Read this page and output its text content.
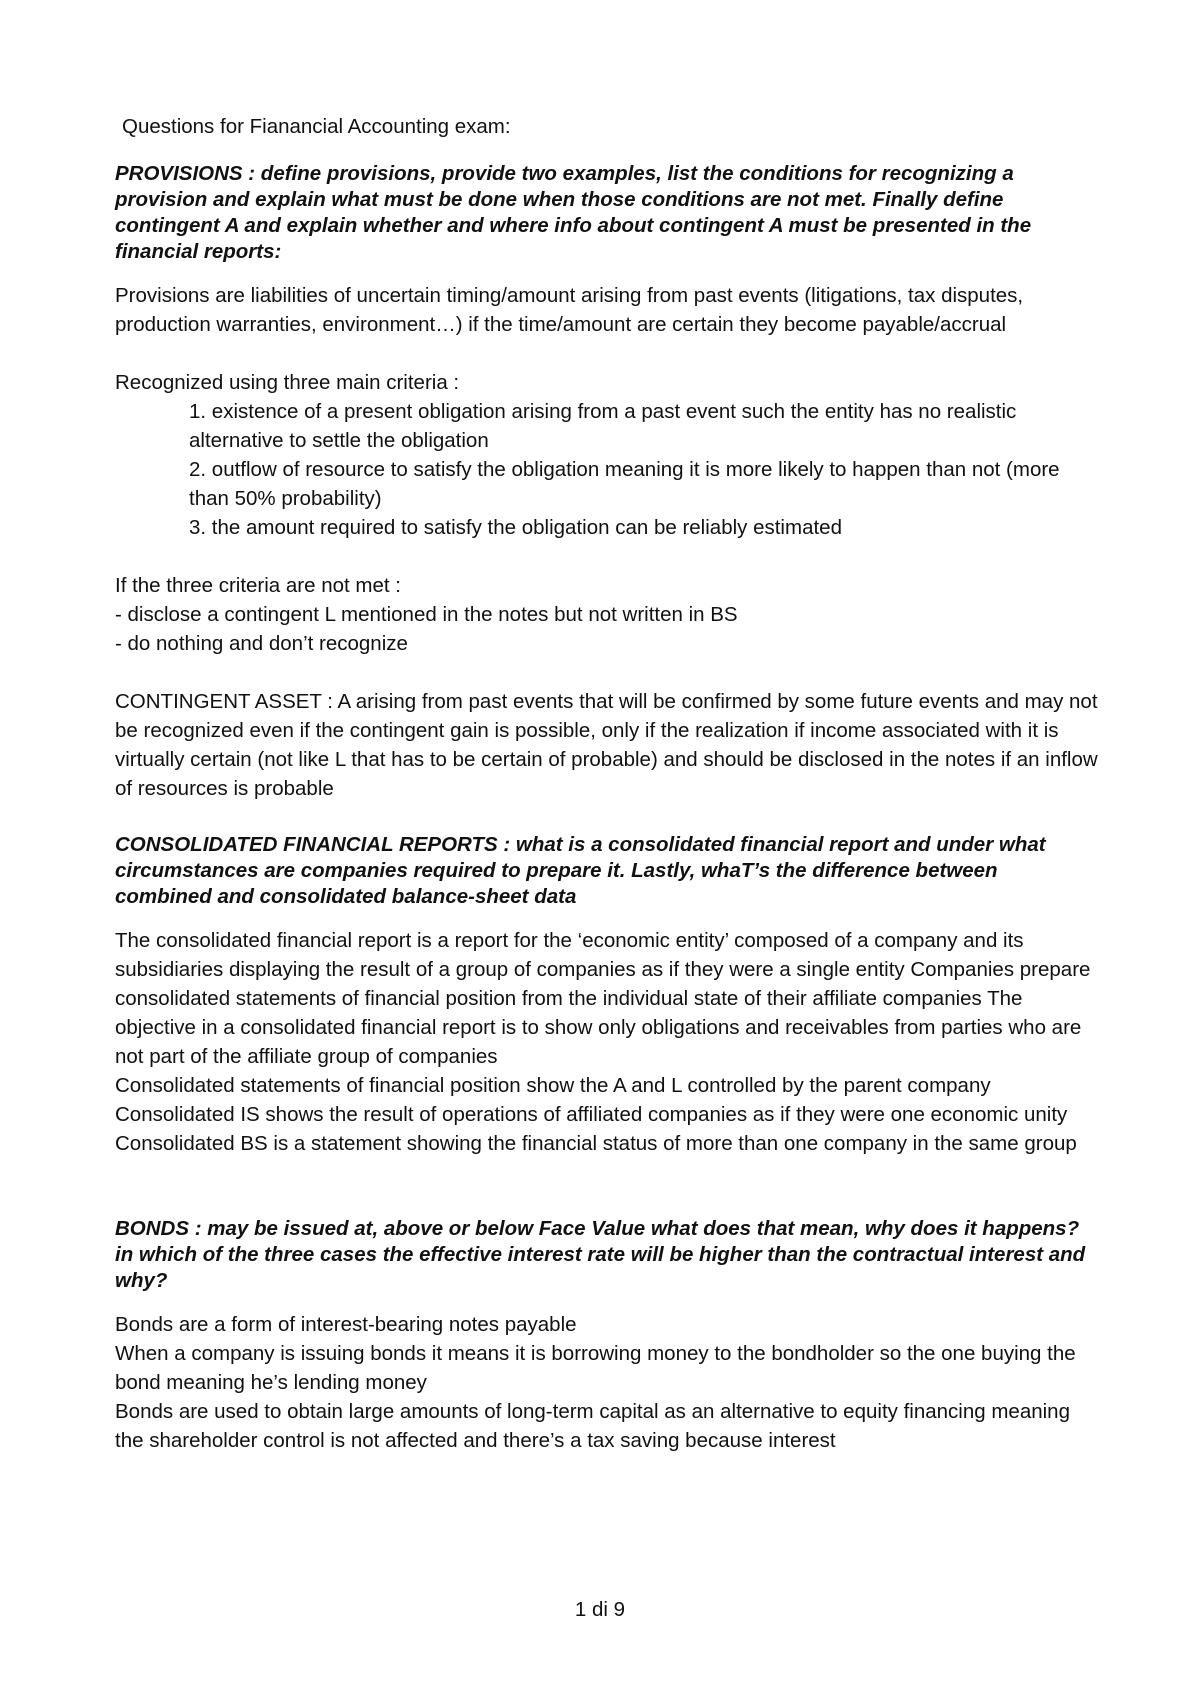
Questions for Fianancial Accounting exam:
PROVISIONS : define provisions, provide two examples, list the conditions for recognizing a provision and explain what must be done when those conditions are not met. Finally define contingent A and explain whether and where info about contingent A must be presented in the financial reports:

Provisions are liabilities of uncertain timing/amount arising from past events (litigations, tax disputes, production warranties, environment…) if the time/amount are certain they become payable/accrual

Recognized using three main criteria :

1. existence of a present obligation arising from a past event such the entity has no realistic

alternative to settle the obligation

2. outflow of resource to satisfy the obligation meaning it is more likely to happen than not (more than 50% probability)

3. the amount required to satisfy the obligation can be reliably estimated

If the three criteria are not met :

- disclose a contingent L mentioned in the notes but not written in BS

- do nothing and don’t recognize

CONTINGENT ASSET : A arising from past events that will be confirmed by some future events and may not be recognized even if the contingent gain is possible, only if the realization if income associated with it is virtually certain (not like L that has to be certain of probable) and should be disclosed in the notes if an inflow of resources is probable

CONSOLIDATED FINANCIAL REPORTS : what is a consolidated financial report and under what circumstances are companies required to prepare it. Lastly, whaT’s the difference between combined and consolidated balance-sheet data

The consolidated financial report is a report for the ‘economic entity’ composed of a company and its subsidiaries displaying the result of a group of companies as if they were a single entity Companies prepare consolidated statements of financial position from the individual state of their affiliate companies The objective in a consolidated financial report is to show only obligations and receivables from parties who are not part of the affiliate group of companies

Consolidated statements of financial position show the A and L controlled by the parent company Consolidated IS shows the result of operations of affiliated companies as if they were one economic unity Consolidated BS is a statement showing the financial status of more than one company in the same group

BONDS : may be issued at, above or below Face Value what does that mean, why does it happens? in which of the three cases the effective interest rate will be higher than the contractual interest and why?

Bonds are a form of interest-bearing notes payable

When a company is issuing bonds it means it is borrowing money to the bondholder so the one buying the bond meaning he’s lending money

Bonds are used to obtain large amounts of long-term capital as an alternative to equity financing meaning the shareholder control is not affected and there’s a tax saving because interest

1 di 9
